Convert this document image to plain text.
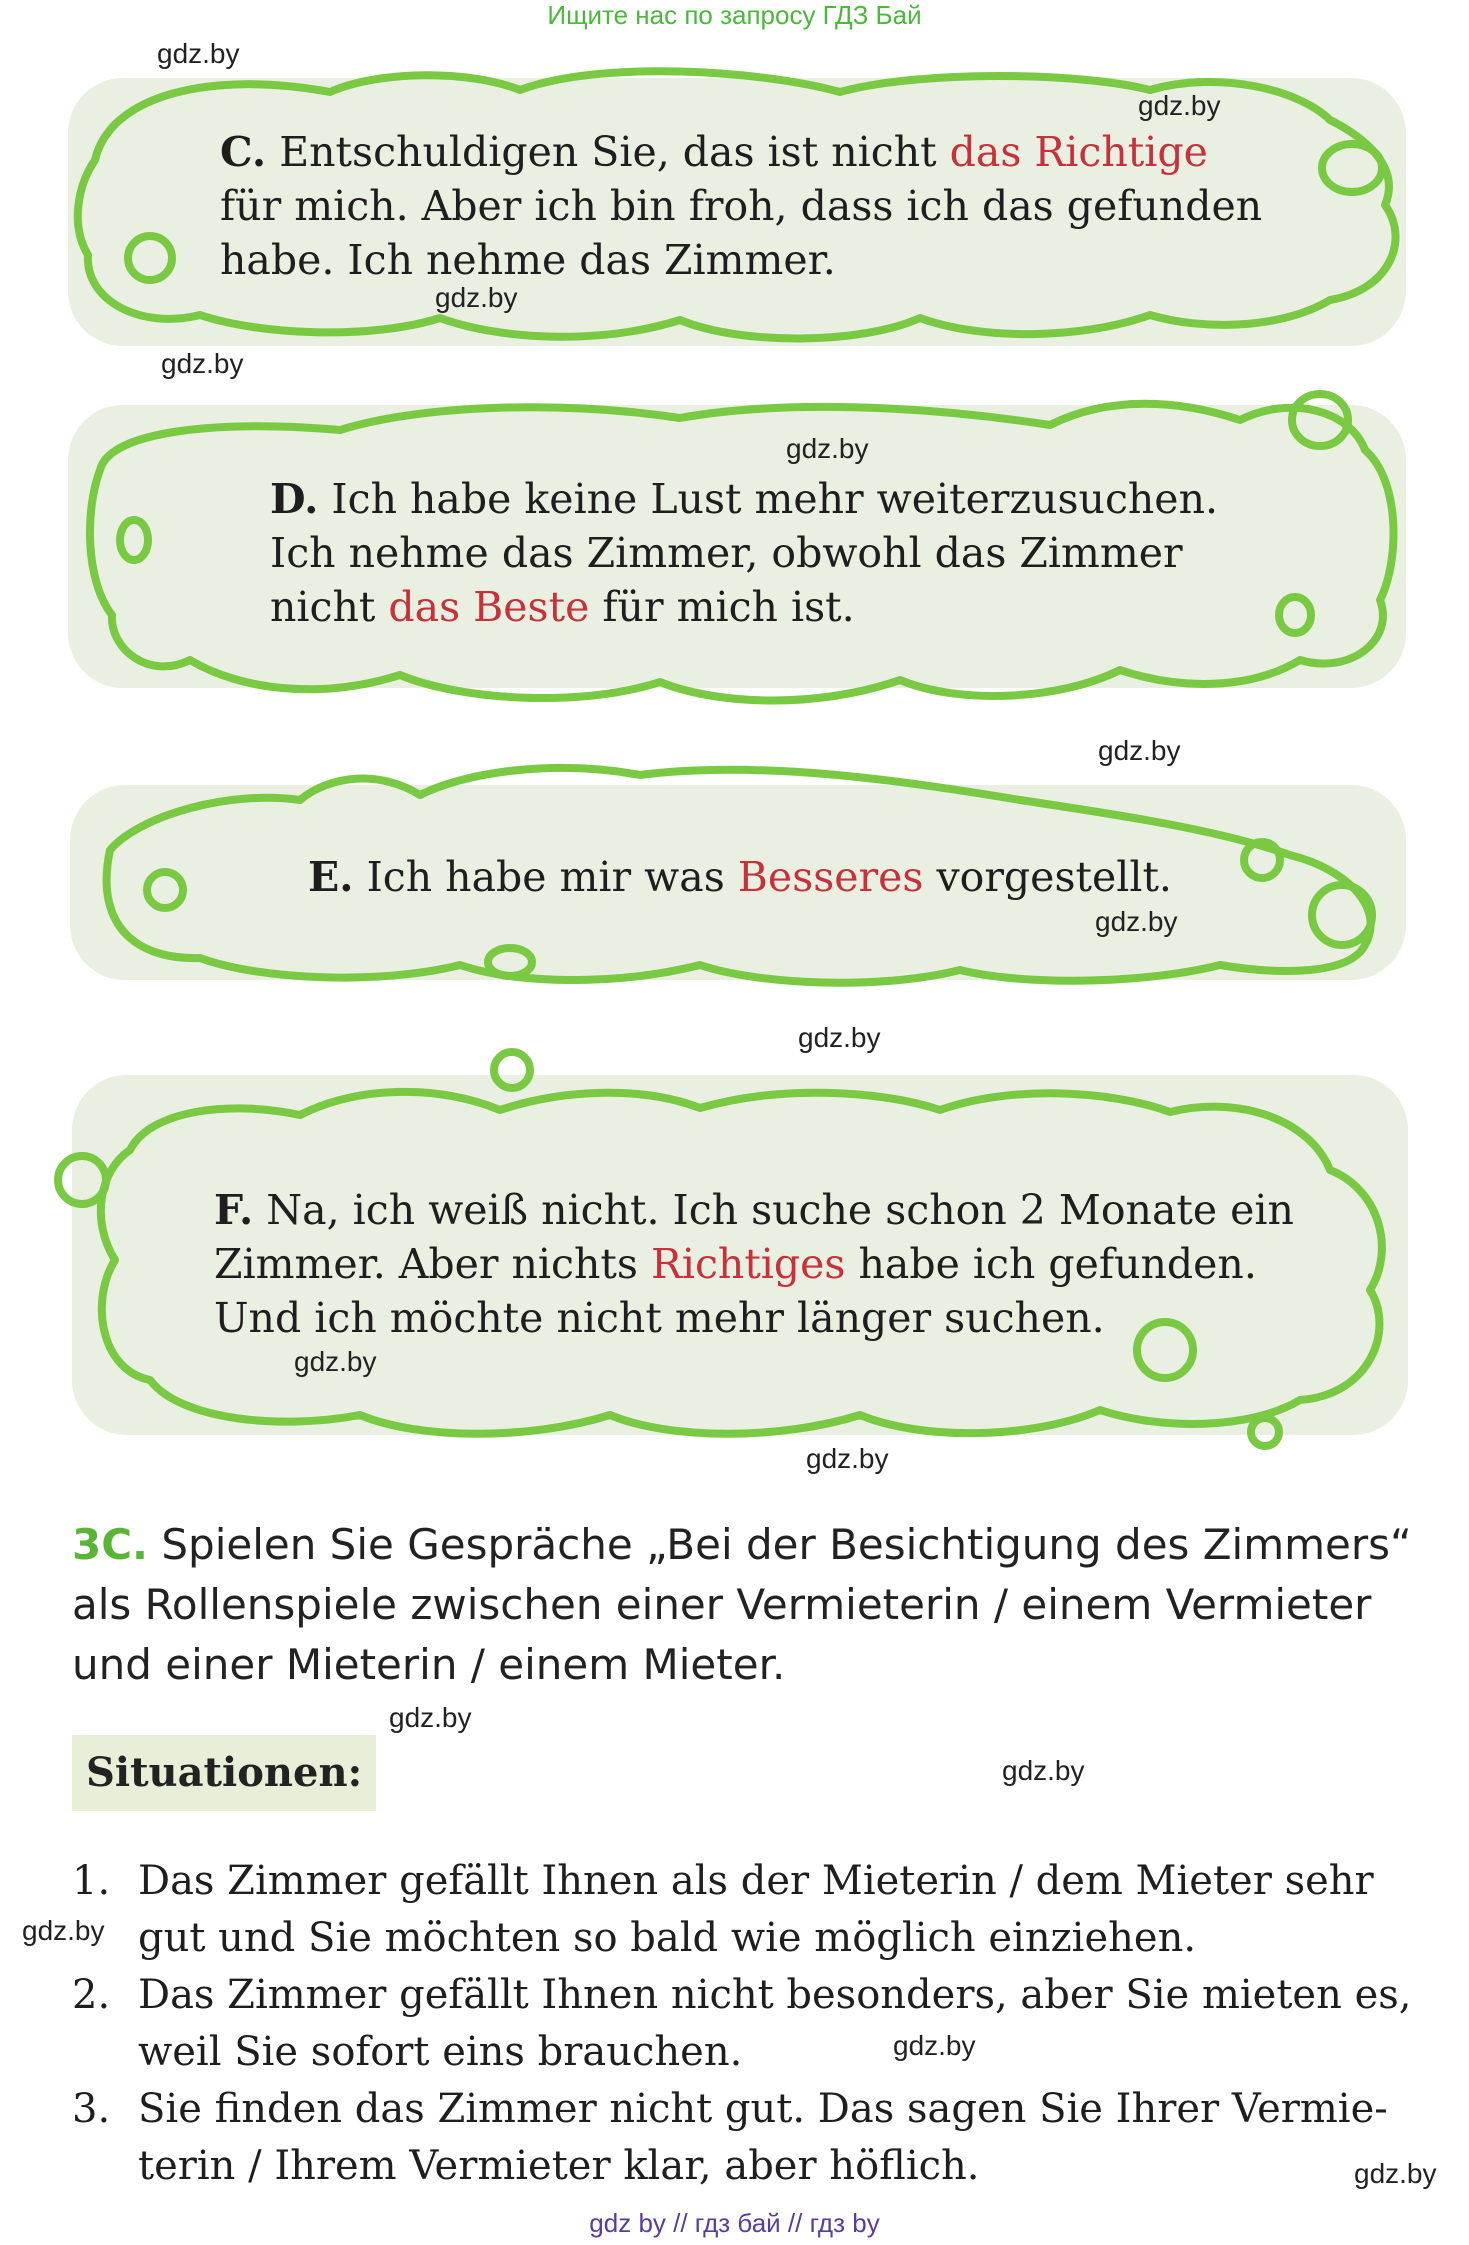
Ищите нас по запросу ГДЗ Бай
gdz.by
gdz.by
gdz.by
gdz.by
gdz.by
gdz.by
gdz.by
gdz.by
gdz.by
gdz.by
gdz.by
gdz.by
gdz.by
gdz.by
gdz.by
C. Entschuldigen Sie, das ist nicht das Richtige
für mich. Aber ich bin froh, dass ich das gefunden
habe. Ich nehme das Zimmer.
D. Ich habe keine Lust mehr weiterzusuchen.
Ich nehme das Zimmer, obwohl das Zimmer
nicht das Beste für mich ist.
E. Ich habe mir was Besseres vorgestellt.
F. Na, ich weiß nicht. Ich suche schon 2 Monate ein
Zimmer. Aber nichts Richtiges habe ich gefunden.
Und ich möchte nicht mehr länger suchen.
3C. Spielen Sie Gespräche „Bei der Besichtigung des Zimmers“ als Rollenspiele zwischen einer Vermieterin / einem Vermieter und einer Mieterin / einem Mieter.
Situationen:
1. Das Zimmer gefällt Ihnen als der Mieterin / dem Mieter sehr gut und Sie möchten so bald wie möglich einziehen.
2. Das Zimmer gefällt Ihnen nicht besonders, aber Sie mieten es, weil Sie sofort eins brauchen.
3. Sie finden das Zimmer nicht gut. Das sagen Sie Ihrer Vermieterin / Ihrem Vermieter klar, aber höflich.
gdz by // гдз бай // гдз by
